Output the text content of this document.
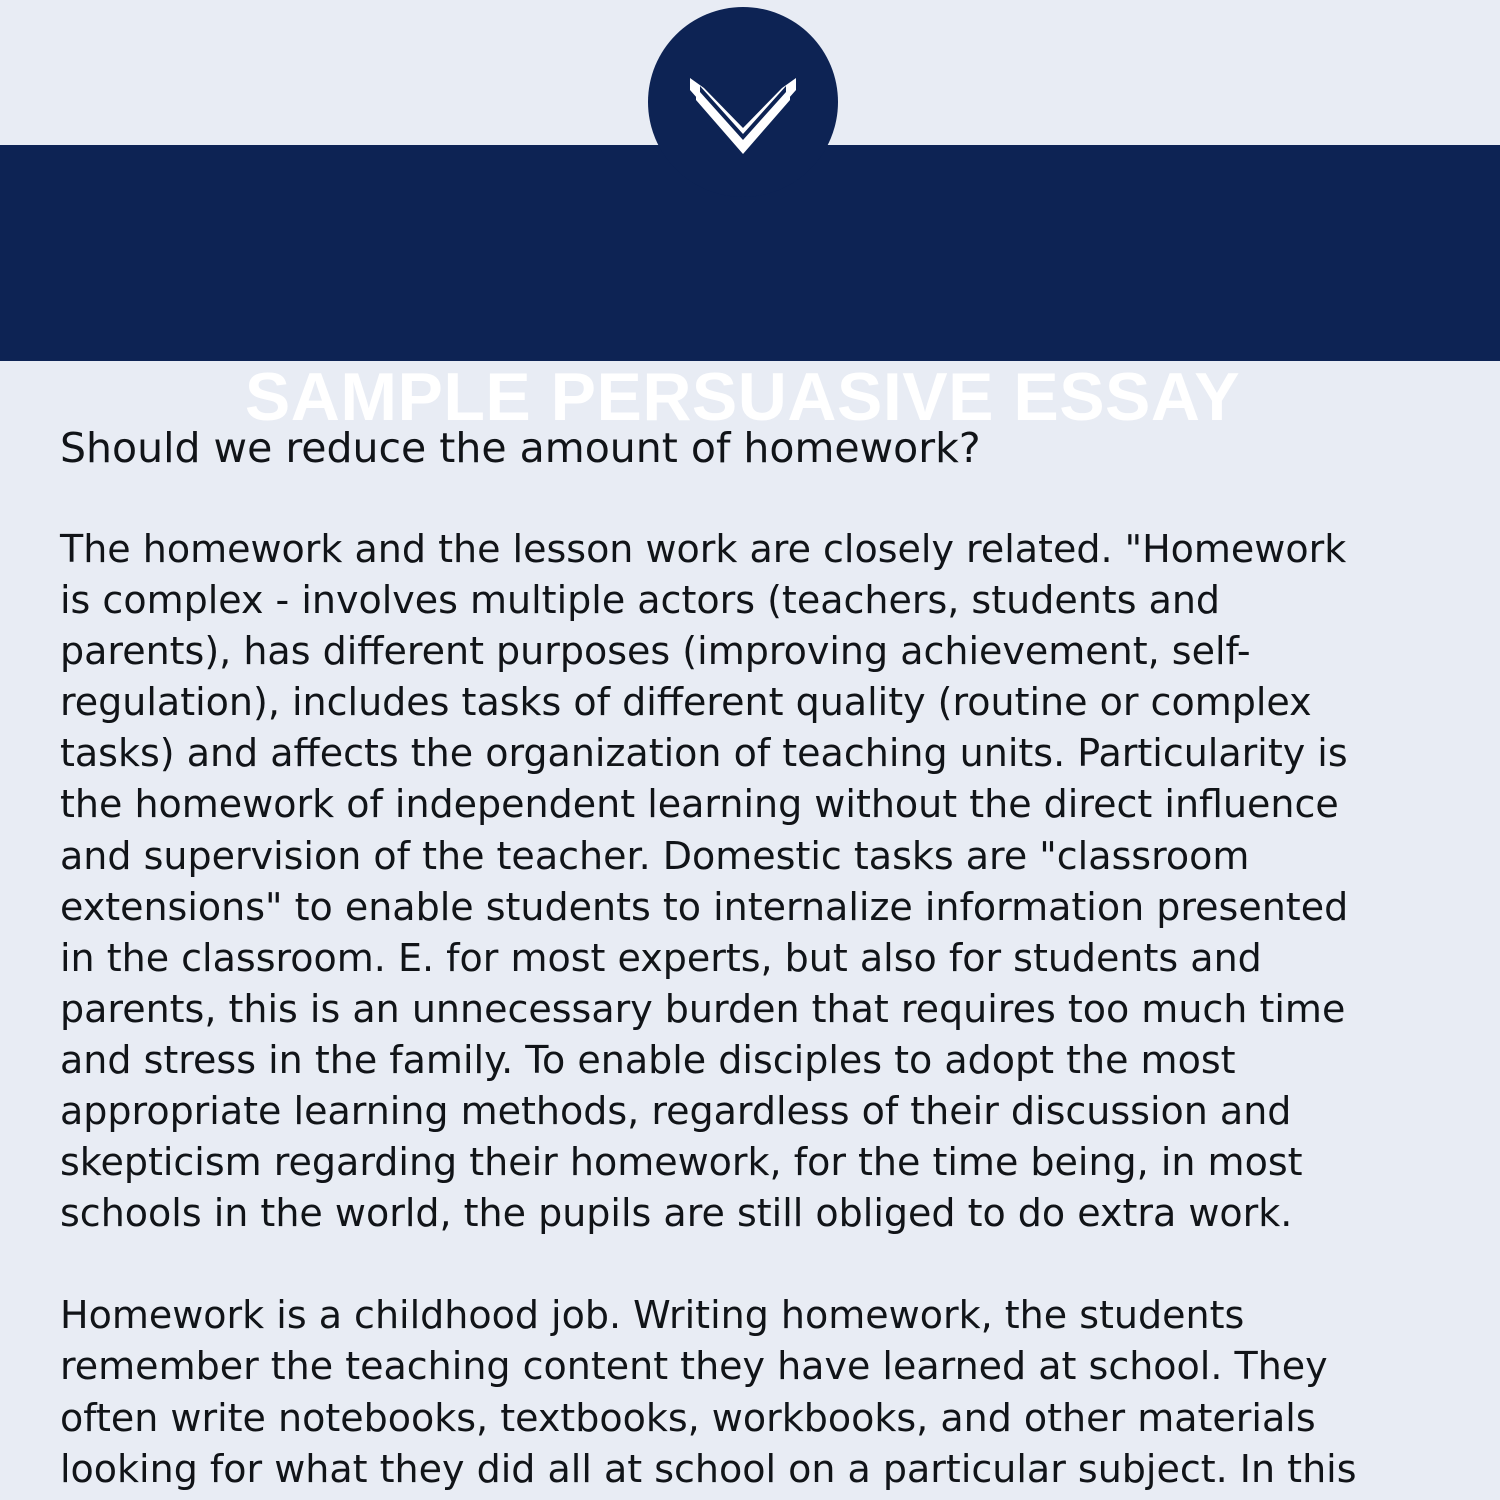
SAMPLE PERSUASIVE ESSAY
Should we reduce the amount of homework?

The homework and the lesson work are closely related. "Homework
is complex - involves multiple actors (teachers, students and
parents), has different purposes (improving achievement, self-
regulation), includes tasks of different quality (routine or complex
tasks) and affects the organization of teaching units. Particularity is
the homework of independent learning without the direct influence
and supervision of the teacher. Domestic tasks are "classroom
extensions" to enable students to internalize information presented
in the classroom. E. for most experts, but also for students and
parents, this is an unnecessary burden that requires too much time
and stress in the family. To enable disciples to adopt the most
appropriate learning methods, regardless of their discussion and
skepticism regarding their homework, for the time being, in most
schools in the world, the pupils are still obliged to do extra work.

Homework is a childhood job. Writing homework, the students
remember the teaching content they have learned at school. They
often write notebooks, textbooks, workbooks, and other materials
looking for what they did all at school on a particular subject. In this
